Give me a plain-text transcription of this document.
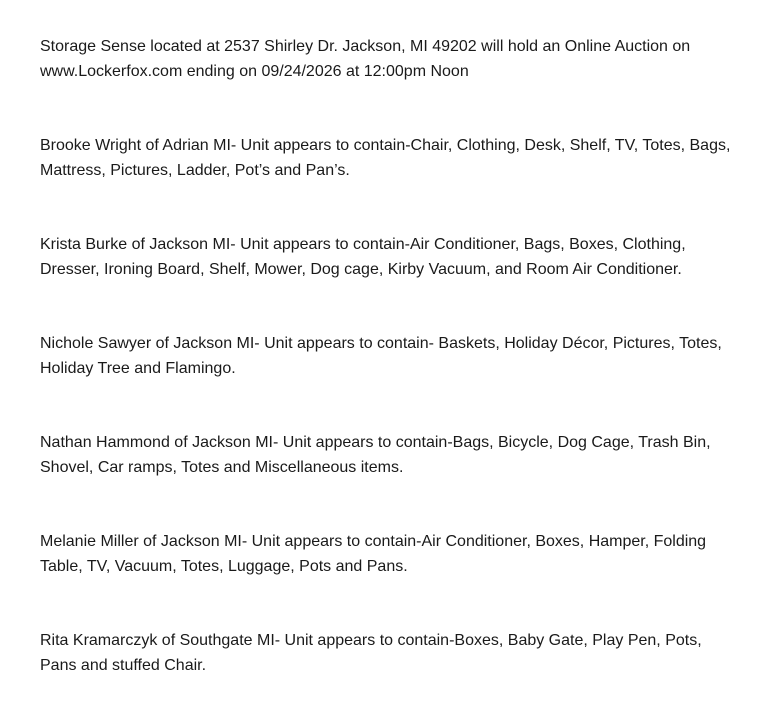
Storage Sense located at 2537 Shirley Dr. Jackson, MI 49202 will hold an Online Auction on www.Lockerfox.com ending on 09/24/2026 at 12:00pm Noon

Brooke Wright of Adrian MI- Unit appears to contain-Chair, Clothing, Desk, Shelf, TV, Totes, Bags, Mattress, Pictures, Ladder, Pot’s and Pan’s.

Krista Burke of Jackson MI- Unit appears to contain-Air Conditioner, Bags, Boxes, Clothing, Dresser, Ironing Board, Shelf, Mower, Dog cage, Kirby Vacuum, and Room Air Conditioner.

Nichole Sawyer of Jackson MI- Unit appears to contain- Baskets, Holiday Décor, Pictures, Totes, Holiday Tree and Flamingo.

Nathan Hammond of Jackson MI- Unit appears to contain-Bags, Bicycle, Dog Cage, Trash Bin, Shovel, Car ramps, Totes and Miscellaneous items.

Melanie Miller of Jackson MI- Unit appears to contain-Air Conditioner, Boxes, Hamper, Folding Table, TV, Vacuum, Totes, Luggage, Pots and Pans.

Rita Kramarczyk of Southgate MI- Unit appears to contain-Boxes, Baby Gate, Play Pen, Pots, Pans and stuffed Chair.
